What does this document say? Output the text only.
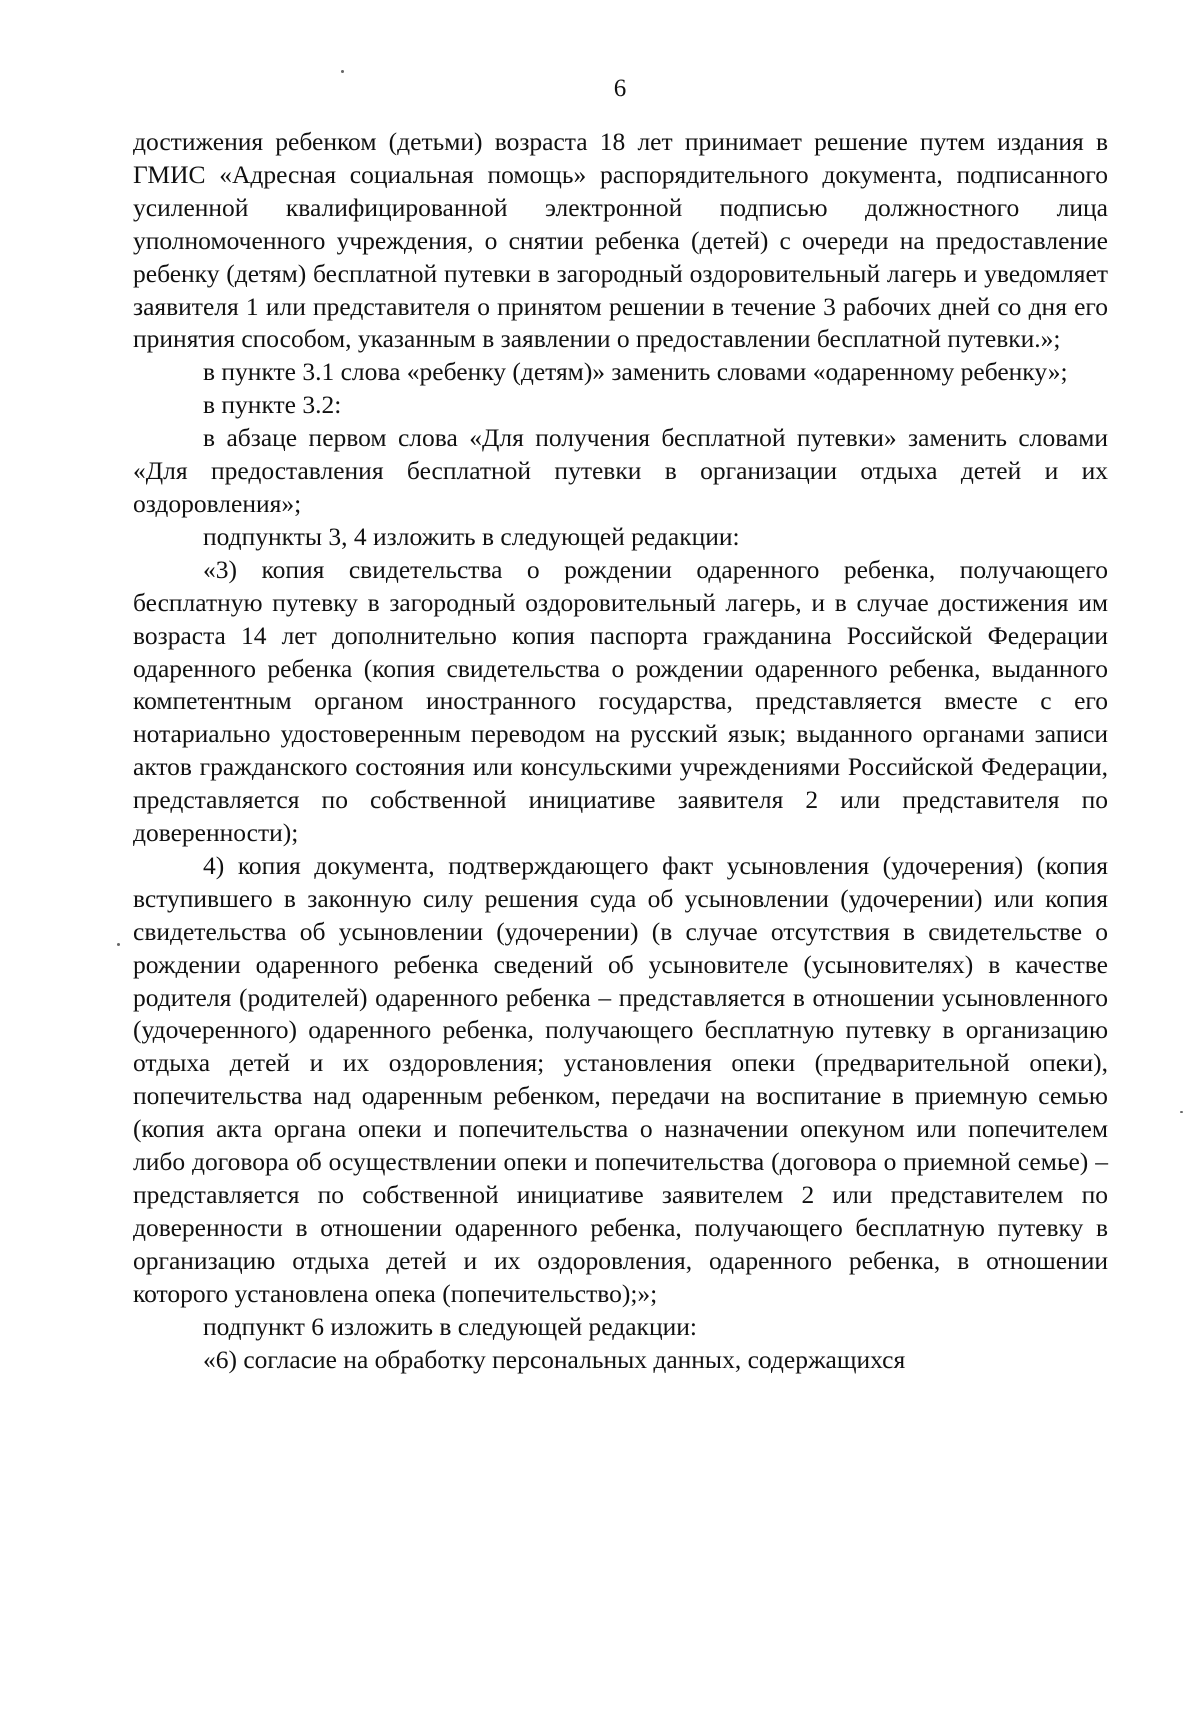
6

достижения ребенком (детьми) возраста 18 лет принимает решение путем издания в ГМИС «Адресная социальная помощь» распорядительного документа, подписанного усиленной квалифицированной электронной подписью должностного лица уполномоченного учреждения, о снятии ребенка (детей) с очереди на предоставление ребенку (детям) бесплатной путевки в загородный оздоровительный лагерь и уведомляет заявителя 1 или представителя о принятом решении в течение 3 рабочих дней со дня его принятия способом, указанным в заявлении о предоставлении бесплатной путевки.»;

в пункте 3.1 слова «ребенку (детям)» заменить словами «одаренному ребенку»;

в пункте 3.2:

в абзаце первом слова «Для получения бесплатной путевки» заменить словами «Для предоставления бесплатной путевки в организации отдыха детей и их оздоровления»;

подпункты 3, 4 изложить в следующей редакции:

«3) копия свидетельства о рождении одаренного ребенка, получающего бесплатную путевку в загородный оздоровительный лагерь, и в случае достижения им возраста 14 лет дополнительно копия паспорта гражданина Российской Федерации одаренного ребенка (копия свидетельства о рождении одаренного ребенка, выданного компетентным органом иностранного государства, представляется вместе с его нотариально удостоверенным переводом на русский язык; выданного органами записи актов гражданского состояния или консульскими учреждениями Российской Федерации, представляется по собственной инициативе заявителя 2 или представителя по доверенности);

4) копия документа, подтверждающего факт усыновления (удочерения) (копия вступившего в законную силу решения суда об усыновлении (удочерении) или копия свидетельства об усыновлении (удочерении) (в случае отсутствия в свидетельстве о рождении одаренного ребенка сведений об усыновителе (усыновителях) в качестве родителя (родителей) одаренного ребенка – представляется в отношении усыновленного (удочеренного) одаренного ребенка, получающего бесплатную путевку в организацию отдыха детей и их оздоровления; установления опеки (предварительной опеки), попечительства над одаренным ребенком, передачи на воспитание в приемную семью (копия акта органа опеки и попечительства о назначении опекуном или попечителем либо договора об осуществлении опеки и попечительства (договора о приемной семье) – представляется по собственной инициативе заявителем 2 или представителем по доверенности в отношении одаренного ребенка, получающего бесплатную путевку в организацию отдыха детей и их оздоровления, одаренного ребенка, в отношении которого установлена опека (попечительство);»;

подпункт 6 изложить в следующей редакции:

«6) согласие на обработку персональных данных, содержащихся
